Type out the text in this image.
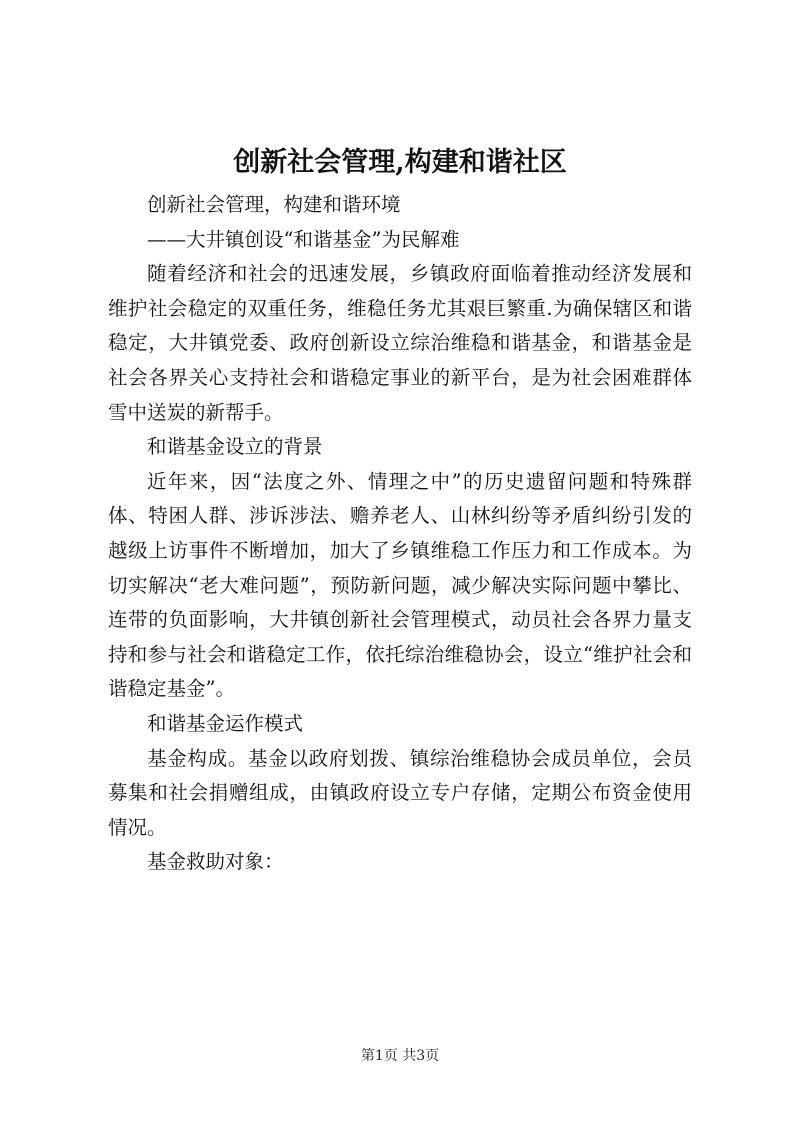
创新社会管理,构建和谐社区

创新社会管理，构建和谐环境

——大井镇创设“和谐基金”为民解难

随着经济和社会的迅速发展，乡镇政府面临着推动经济发展和维护社会稳定的双重任务，维稳任务尤其艰巨繁重.为确保辖区和谐稳定，大井镇党委、政府创新设立综治维稳和谐基金，和谐基金是社会各界关心支持社会和谐稳定事业的新平台，是为社会困难群体雪中送炭的新帮手。

和谐基金设立的背景

近年来，因“法度之外、情理之中”的历史遗留问题和特殊群体、特困人群、涉诉涉法、赡养老人、山林纠纷等矛盾纠纷引发的越级上访事件不断增加，加大了乡镇维稳工作压力和工作成本。为切实解决“老大难问题”，预防新问题，减少解决实际问题中攀比、连带的负面影响，大井镇创新社会管理模式，动员社会各界力量支持和参与社会和谐稳定工作，依托综治维稳协会，设立“维护社会和谐稳定基金”。

和谐基金运作模式

基金构成。基金以政府划拨、镇综治维稳协会成员单位，会员募集和社会捐赠组成，由镇政府设立专户存储，定期公布资金使用情况。

基金救助对象：

第1页 共3页
